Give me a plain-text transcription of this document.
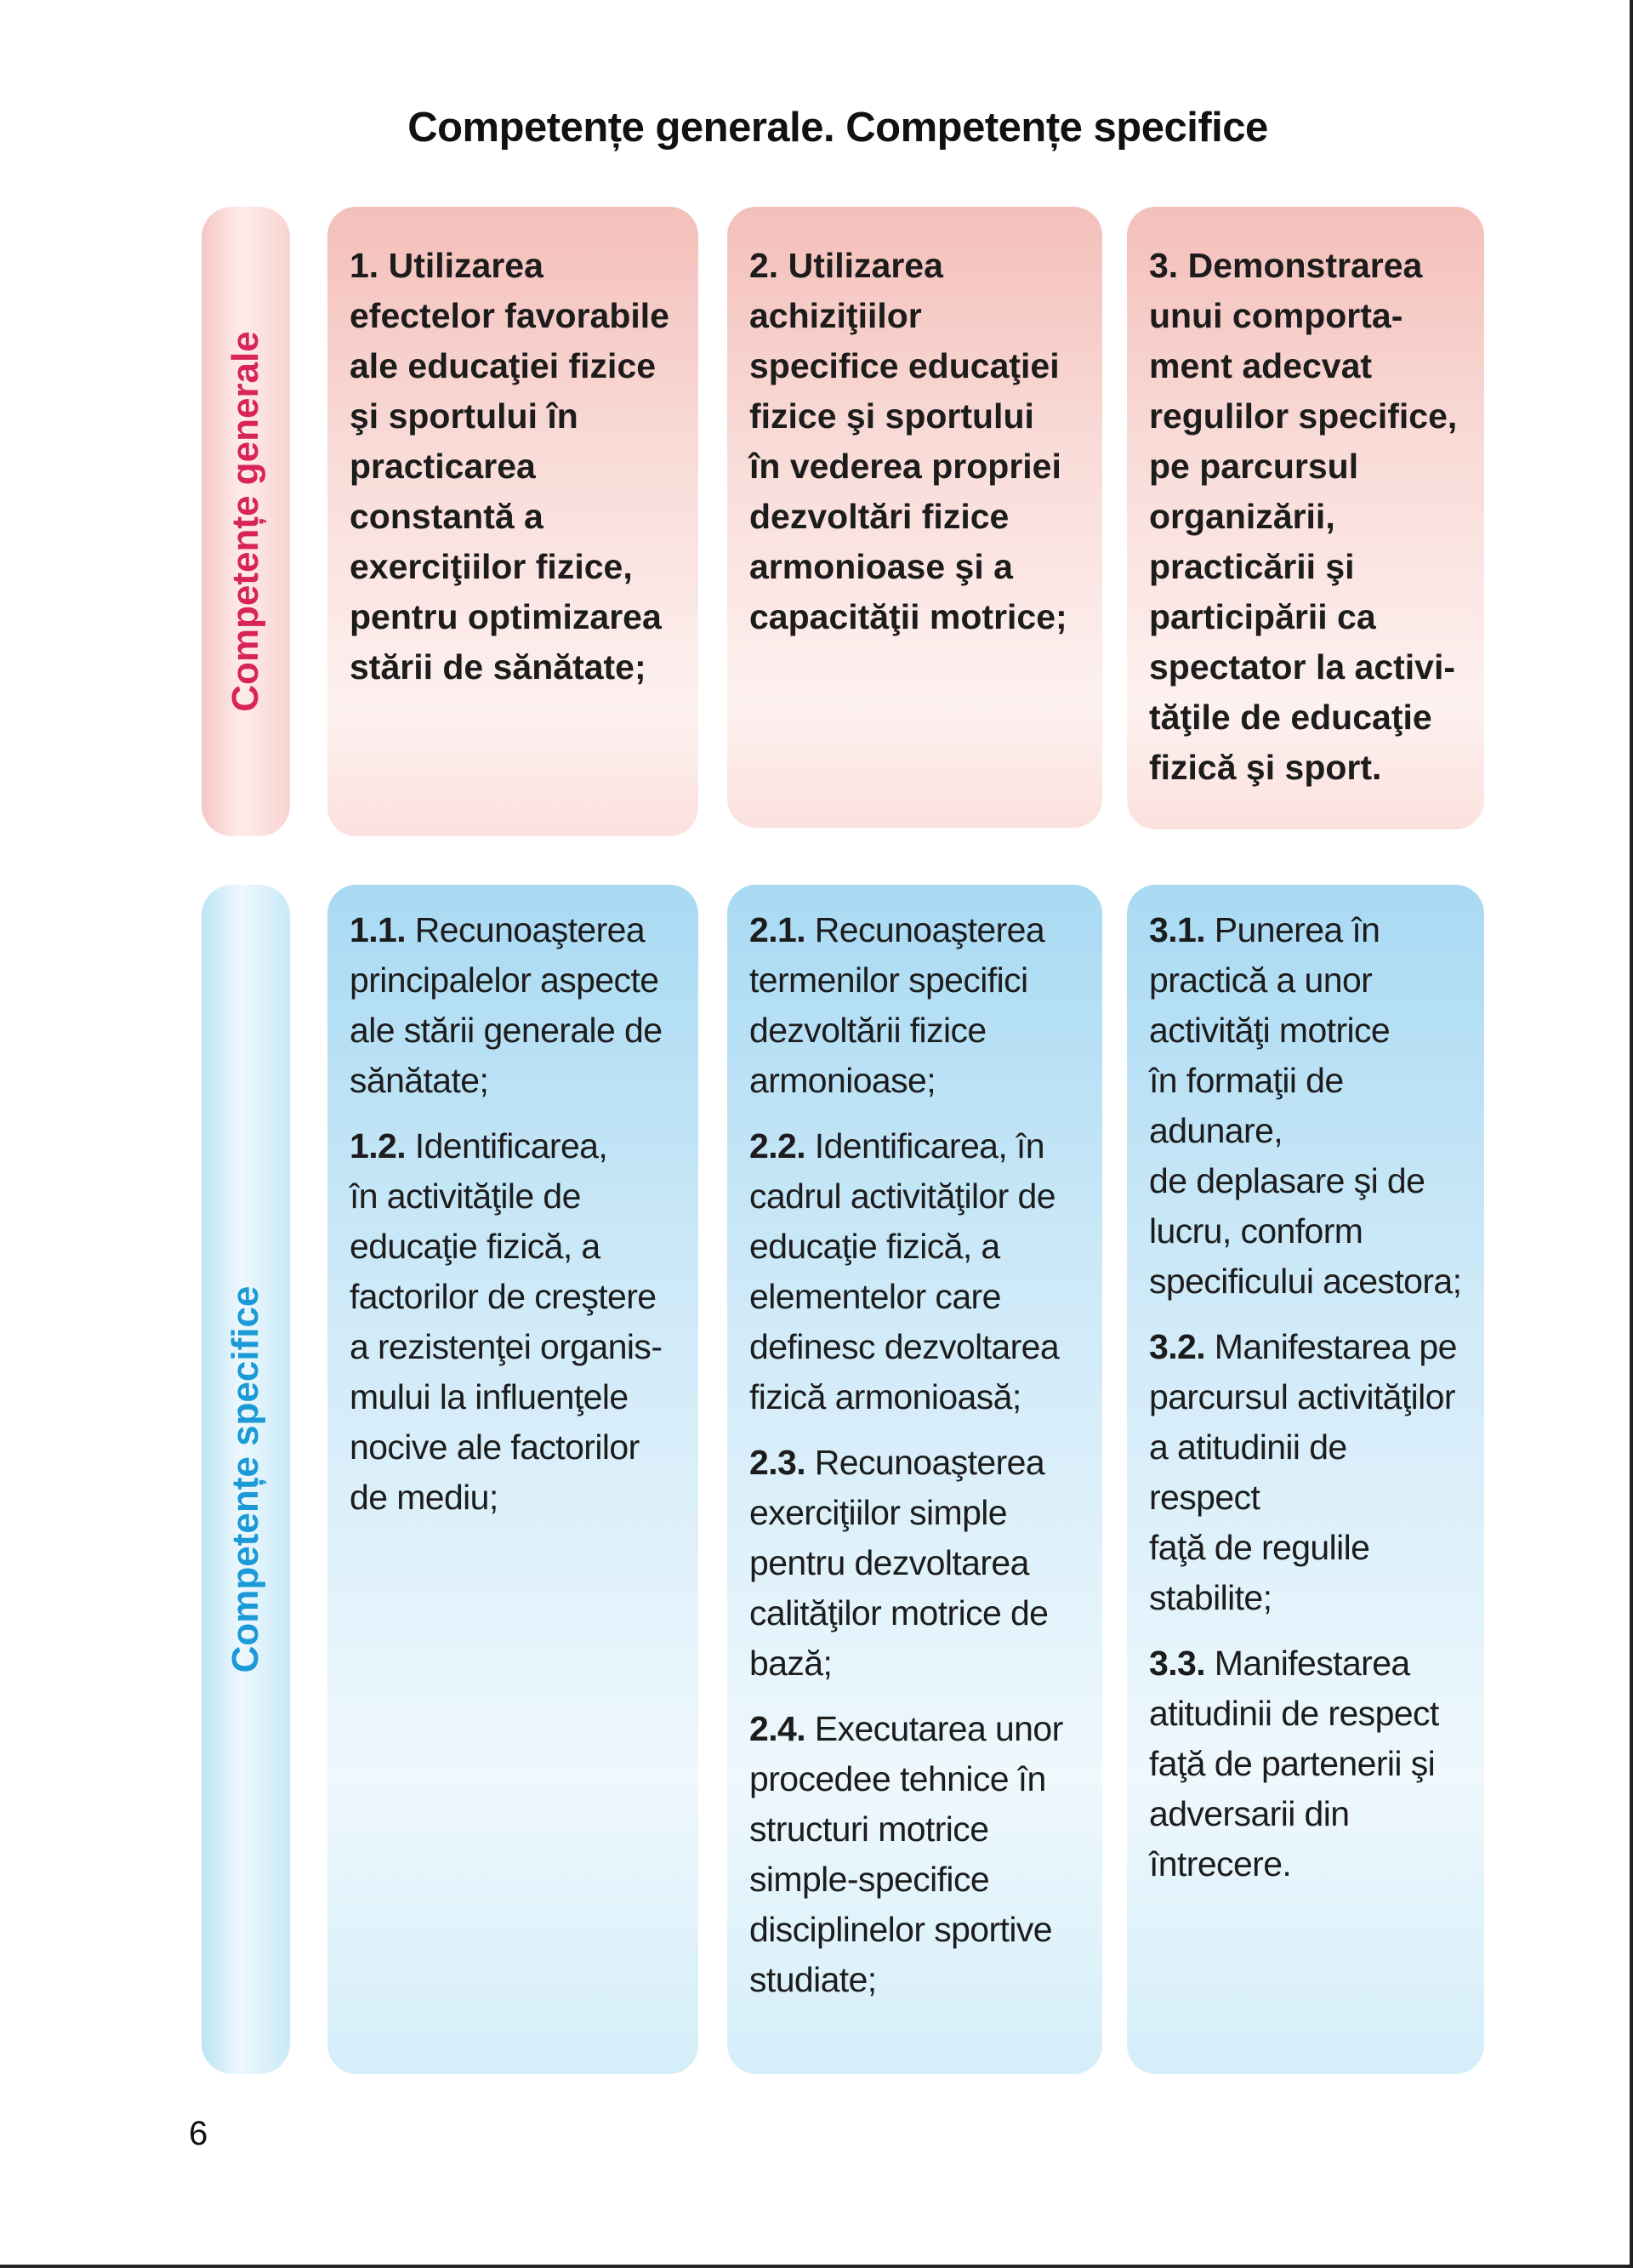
Competențe generale. Competențe specifice
Competențe generale
Competențe specifice

1. Utilizarea
efectelor favorabile
ale educaţiei fizice
şi sportului în
practicarea
constantă a
exerciţiilor fizice,
pentru optimizarea
stării de sănătate;

2. Utilizarea
achiziţiilor
specifice educaţiei
fizice şi sportului
în vederea propriei
dezvoltări fizice
armonioase şi a
capacităţii motrice;

3. Demonstrarea
unui comporta-
ment adecvat
regulilor specifice,
pe parcursul
organizării,
practicării şi
participării ca
spectator la activi-
tăţile de educaţie
fizică şi sport.

1.1. Recunoaşterea
principalelor aspecte
ale stării generale de
sănătate;
1.2. Identificarea,
în activităţile de
educaţie fizică, a
factorilor de creştere
a rezistenţei organis-
mului la influenţele
nocive ale factorilor
de mediu;
2.1. Recunoaşterea
termenilor specifici
dezvoltării fizice
armonioase;
2.2. Identificarea, în
cadrul activităţilor de
educaţie fizică, a
elementelor care
definesc dezvoltarea
fizică armonioasă;
2.3. Recunoaşterea
exerciţiilor simple
pentru dezvoltarea
calităţilor motrice de
bază;
2.4. Executarea unor
procedee tehnice în
structuri motrice
simple-specifice
disciplinelor sportive
studiate;
3.1. Punerea în
practică a unor
activităţi motrice
în formaţii de
adunare,
de deplasare şi de
lucru, conform
specificului acestora;
3.2. Manifestarea pe
parcursul activităţilor
a atitudinii de
respect
faţă de regulile
stabilite;
3.3. Manifestarea
atitudinii de respect
faţă de partenerii şi
adversarii din
întrecere.
6
